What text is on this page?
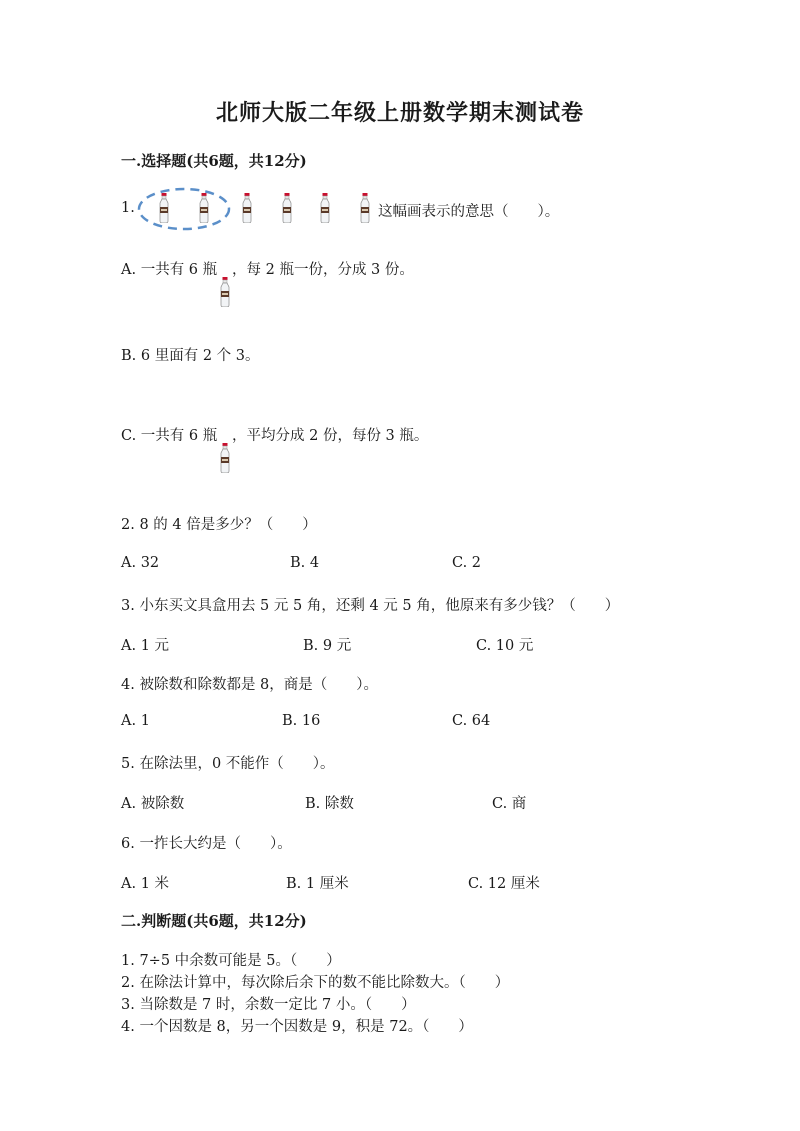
北师大版二年级上册数学期末测试卷
一.选择题(共6题，共12分)
1.	这幅画表示的意思（　　）。
A. 一共有 6 瓶 ，每 2 瓶一份，分成 3 份。
B. 6 里面有 2 个 3。
C. 一共有 6 瓶 ，平均分成 2 份，每份 3 瓶。
2. 8 的 4 倍是多少？（　　）
A. 32	B. 4	C. 2
3. 小东买文具盒用去 5 元 5 角，还剩 4 元 5 角，他原来有多少钱？（　　）
A. 1 元	B. 9 元	C. 10 元
4. 被除数和除数都是 8，商是（　　）。
A. 1	B. 16	C. 64
5. 在除法里，0 不能作（　　）。
A. 被除数	B. 除数	C. 商
6. 一拃长大约是（　　）。
A. 1 米	B. 1 厘米	C. 12 厘米
二.判断题(共6题，共12分)
1. 7÷5 中余数可能是 5。（　　）
2. 在除法计算中，每次除后余下的数不能比除数大。（　　）
3. 当除数是 7 时，余数一定比 7 小。（　　）
4. 一个因数是 8，另一个因数是 9，积是 72。（　　）
